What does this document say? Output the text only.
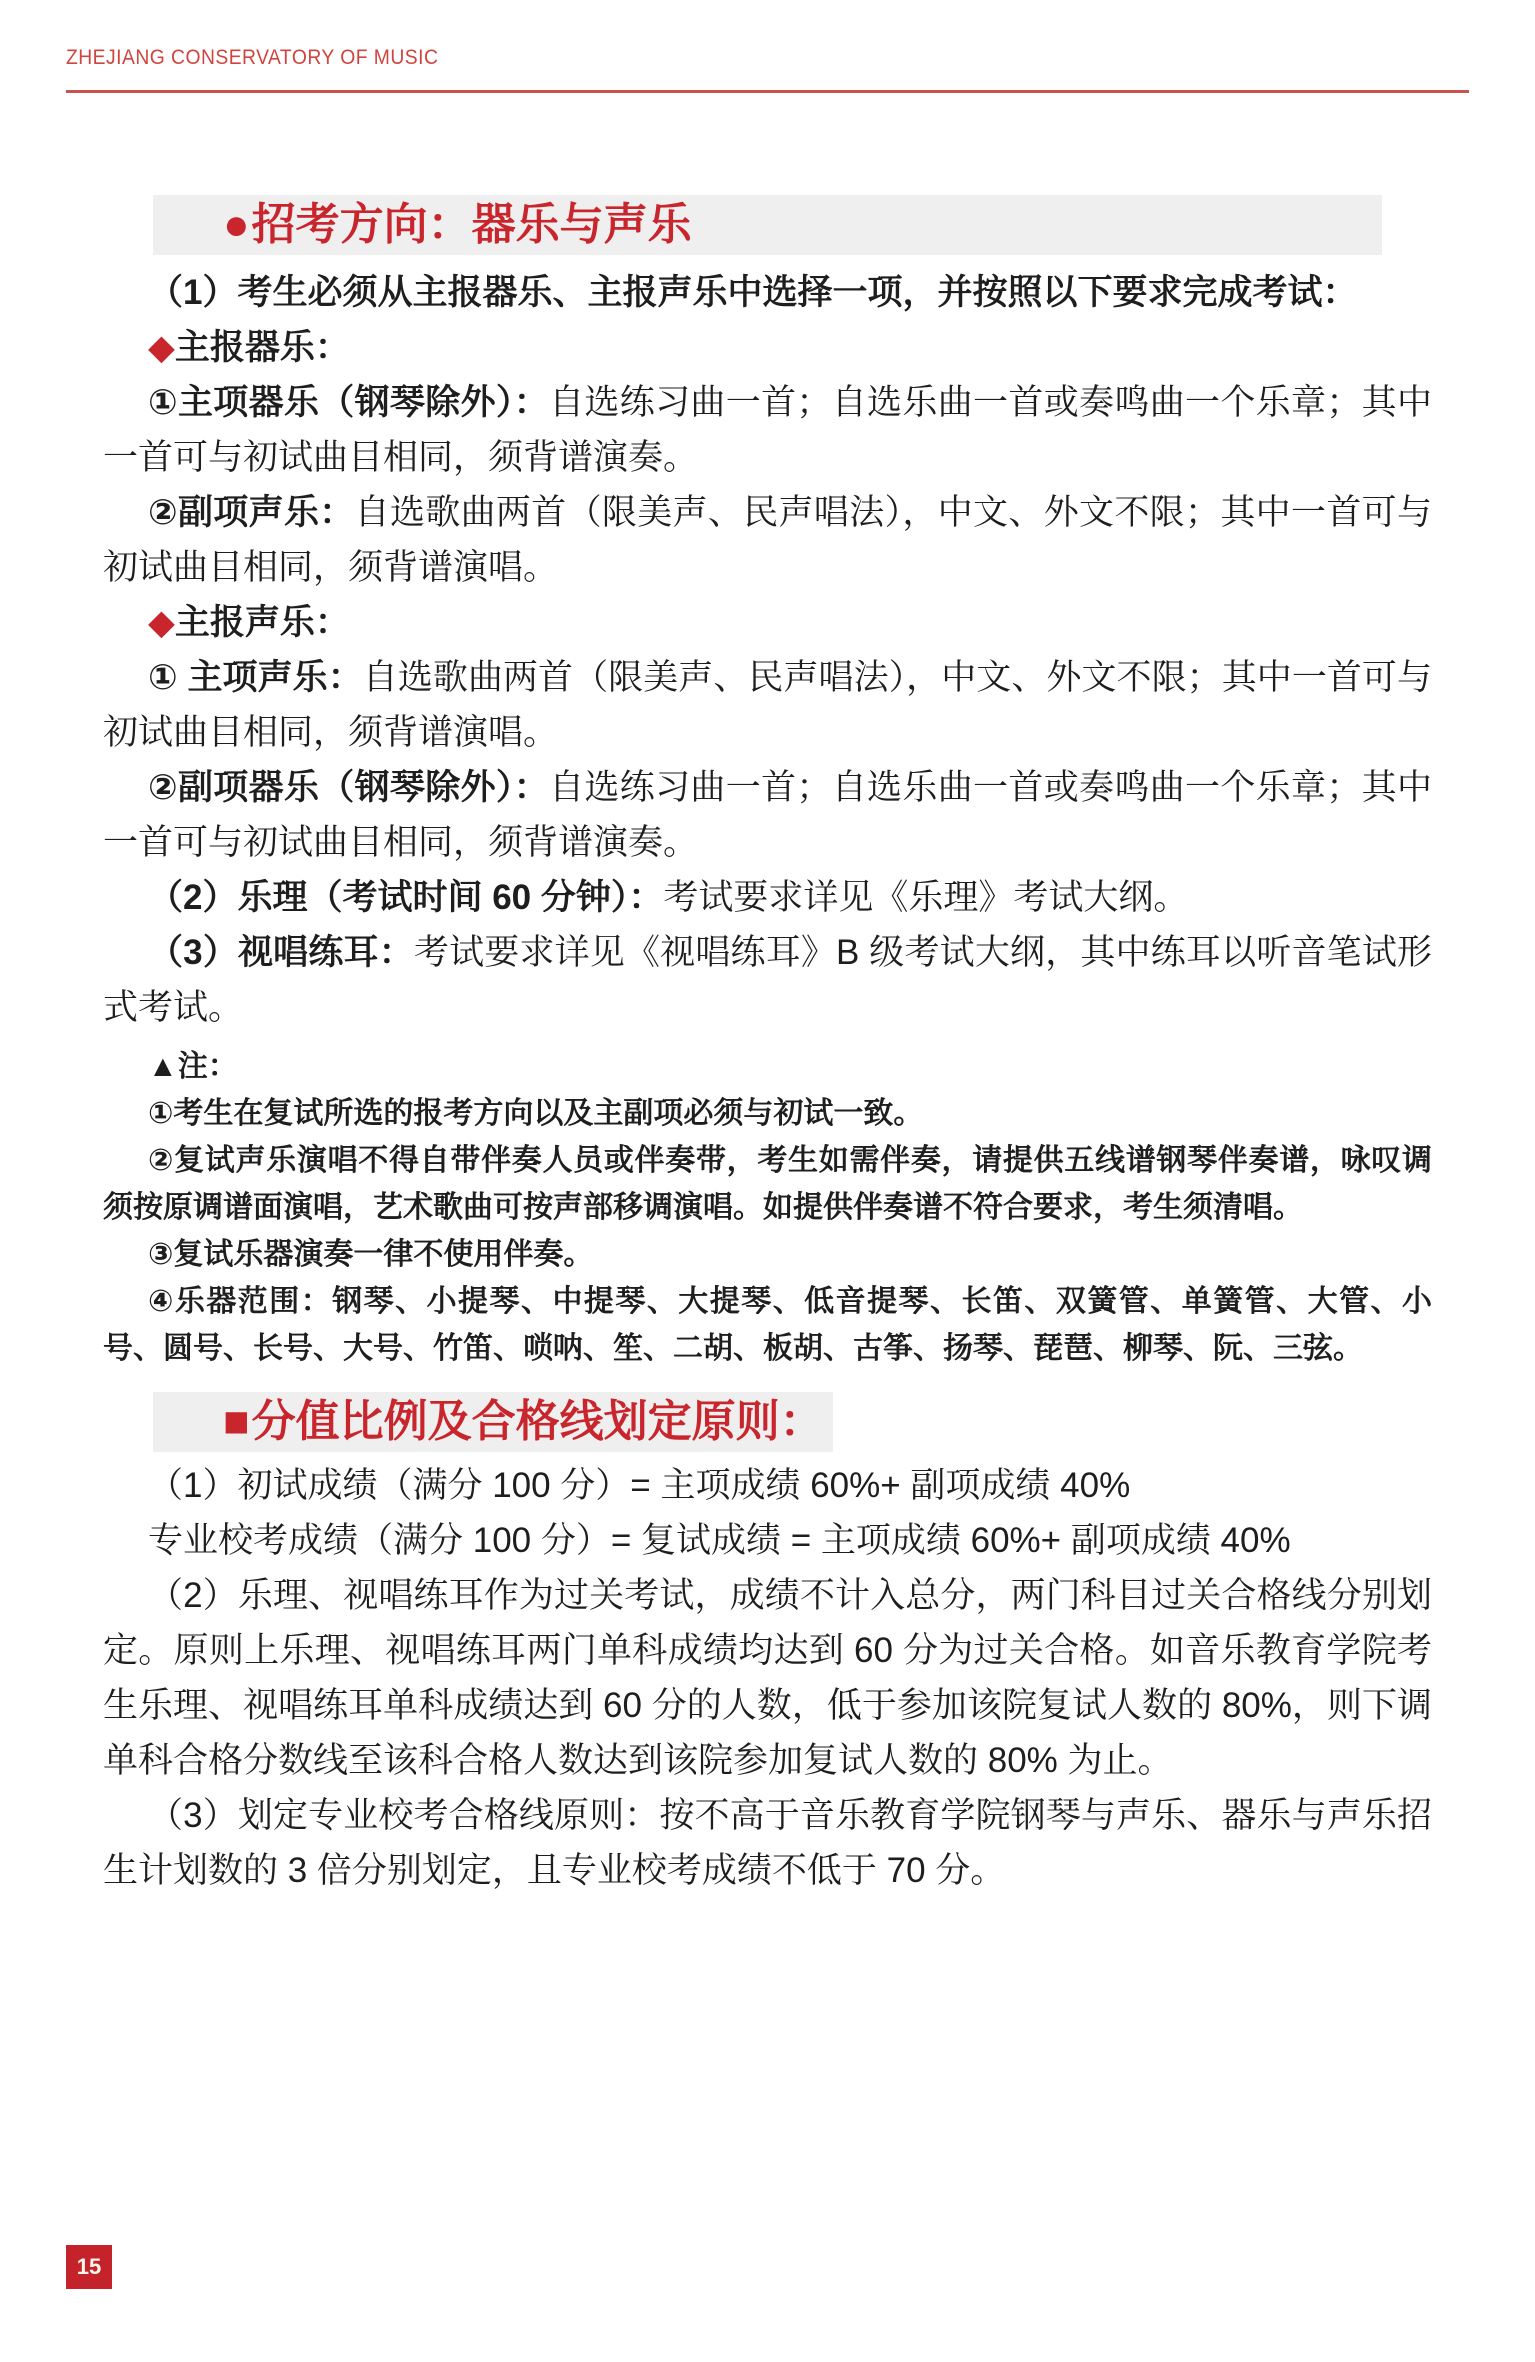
ZHEJIANG CONSERVATORY OF MUSIC
● 招考方向：器乐与声乐

（1）考生必须从主报器乐、主报声乐中选择一项，并按照以下要求完成考试：

◆主报器乐：

①主项器乐（钢琴除外）：自选练习曲一首；自选乐曲一首或奏鸣曲一个乐章；其中一首可与初试曲目相同，须背谱演奏。

②副项声乐：自选歌曲两首（限美声、民声唱法），中文、外文不限；其中一首可与初试曲目相同，须背谱演唱。

◆主报声乐：

① 主项声乐：自选歌曲两首（限美声、民声唱法），中文、外文不限；其中一首可与初试曲目相同，须背谱演唱。

②副项器乐（钢琴除外）：自选练习曲一首；自选乐曲一首或奏鸣曲一个乐章；其中一首可与初试曲目相同，须背谱演奏。

（2）乐理（考试时间 60 分钟）：考试要求详见《乐理》考试大纲。

（3）视唱练耳：考试要求详见《视唱练耳》B 级考试大纲，其中练耳以听音笔试形式考试。

▲注：

①考生在复试所选的报考方向以及主副项必须与初试一致。

②复试声乐演唱不得自带伴奏人员或伴奏带，考生如需伴奏，请提供五线谱钢琴伴奏谱，咏叹调须按原调谱面演唱，艺术歌曲可按声部移调演唱。如提供伴奏谱不符合要求，考生须清唱。

③复试乐器演奏一律不使用伴奏。

④乐器范围：钢琴、小提琴、中提琴、大提琴、低音提琴、长笛、双簧管、单簧管、大管、小号、圆号、长号、大号、竹笛、唢呐、笙、二胡、板胡、古筝、扬琴、琵琶、柳琴、阮、三弦。

■ 分值比例及合格线划定原则：

（1）初试成绩（满分 100 分）= 主项成绩 60%+ 副项成绩 40%

专业校考成绩（满分 100 分）= 复试成绩 = 主项成绩 60%+ 副项成绩 40%

（2）乐理、视唱练耳作为过关考试，成绩不计入总分，两门科目过关合格线分别划定。原则上乐理、视唱练耳两门单科成绩均达到 60 分为过关合格。如音乐教育学院考生乐理、视唱练耳单科成绩达到 60 分的人数，低于参加该院复试人数的 80%，则下调单科合格分数线至该科合格人数达到该院参加复试人数的 80% 为止。

（3）划定专业校考合格线原则：按不高于音乐教育学院钢琴与声乐、器乐与声乐招生计划数的 3 倍分别划定，且专业校考成绩不低于 70 分。

15
